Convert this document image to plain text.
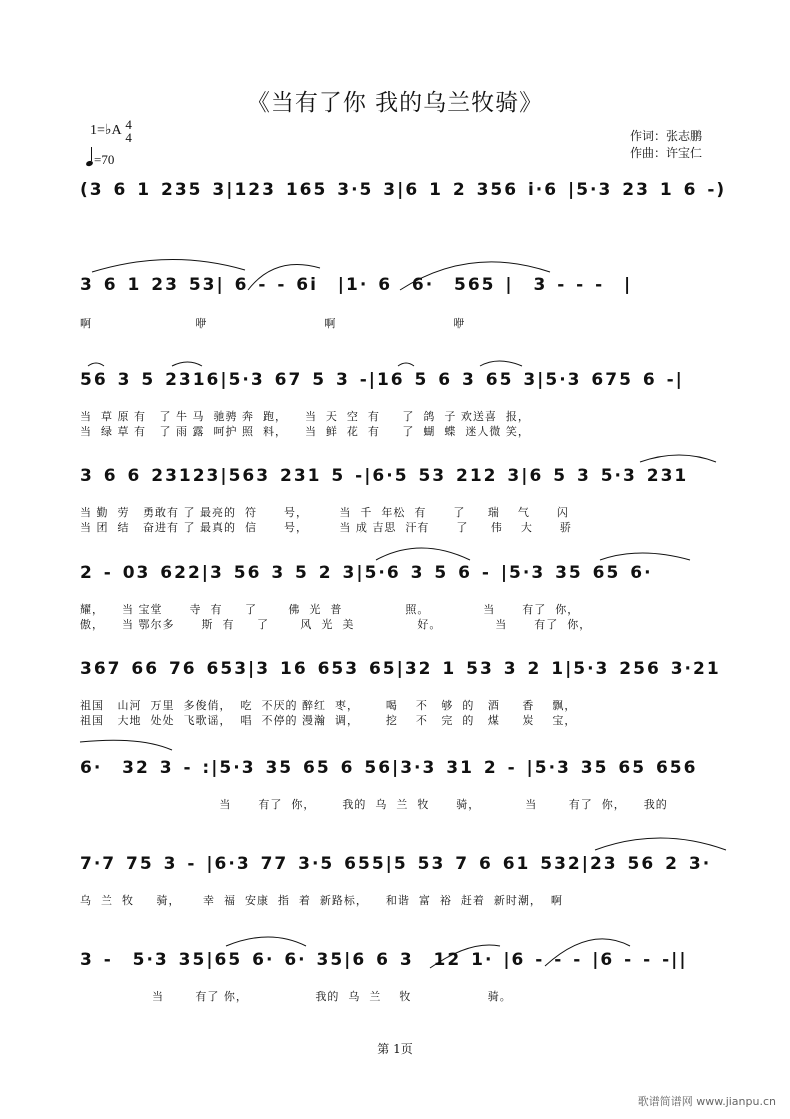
《当有了你 我的乌兰牧骑》
1=♭A 4
4
=70
作词：张志鹏
作曲：许宝仁
(3 6 1 235 3|123 165 3·5 3|6 1 2 356 i·6 |5·3 23 1 6 -)
3 6 1 23 53| 6 - - 6i  |1· 6  6·  565 |  3 - - -  |
啊                       咿                          啊                          咿
56 3 5 2316|5·3 67 5 3 -|16 5 6 3 65 3|5·3 675 6 -|
当  草 原 有   了 牛 马  驰骋 奔  跑，    当  天  空  有     了  鸽  子 欢送喜  报，
当  绿 草 有   了 雨 露  呵护 照  料，    当  鲜  花  有     了  蝴  蝶  迷人微 笑，
3 6 6 23123|563 231 5 -|6·5 53 212 3|6 5 3 5·3 231
当 勤  劳   勇敢有 了 最亮的  符      号，       当  千  年松  有      了     瑞    气      闪
当 团  结   奋进有 了 最真的  信      号，       当 成 吉思  汗有      了     伟    大      骄
2 - 03 622|3 56 3 5 2 3|5·6 3 5 6 - |5·3 35 65 6·
耀，    当 宝堂      寺  有     了       佛  光  普              照。            当      有了  你，
傲，    当 鄂尔多      斯  有     了       风  光  美              好。            当      有了  你，
367 66 76 653|3 16 653 65|32 1 53 3 2 1|5·3 256 3·21
祖国   山河  万里  多俊俏，  吃  不厌的 醉红  枣，      喝    不   够  的   酒     香    飘，
祖国   大地  处处  飞歌谣，  唱  不停的 漫瀚  调，      挖    不   完  的   煤     炭    宝，
6·  32 3 - :|5·3 35 65 6 56|3·3 31 2 - |5·3 35 65 656
当      有了  你，      我的  乌  兰  牧      骑，          当       有了  你，    我的
7·7 75 3 - |6·3 77 3·5 655|5 53 7 6 61 532|23 56 2 3·
乌  兰  牧     骑，     幸  福  安康  指  着  新路标，    和谐  富  裕  赶着  新时潮，  啊
3 -  5·3 35|65 6· 6· 35|6 6 3  12 1· |6 - - - |6 - - -||
当       有了 你，               我的  乌  兰    牧                 骑。
第 1页
歌谱简谱网 www.jianpu.cn
